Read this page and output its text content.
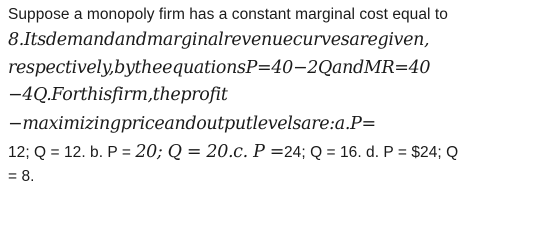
Suppose a monopoly firm has a constant marginal cost equal to
8.Itsdemandandmarginalrevenuecurvesaregiven,
respectively,bytheequationsP=40−2QandMR=40
−4Q.Forthisfirm,theprofit
−maximizingpriceandoutputlevelsare:a.P=
12; Q = 12. b. P = 20; Q = 20.c. P =24; Q = 16. d. P = $24; Q
= 8.
